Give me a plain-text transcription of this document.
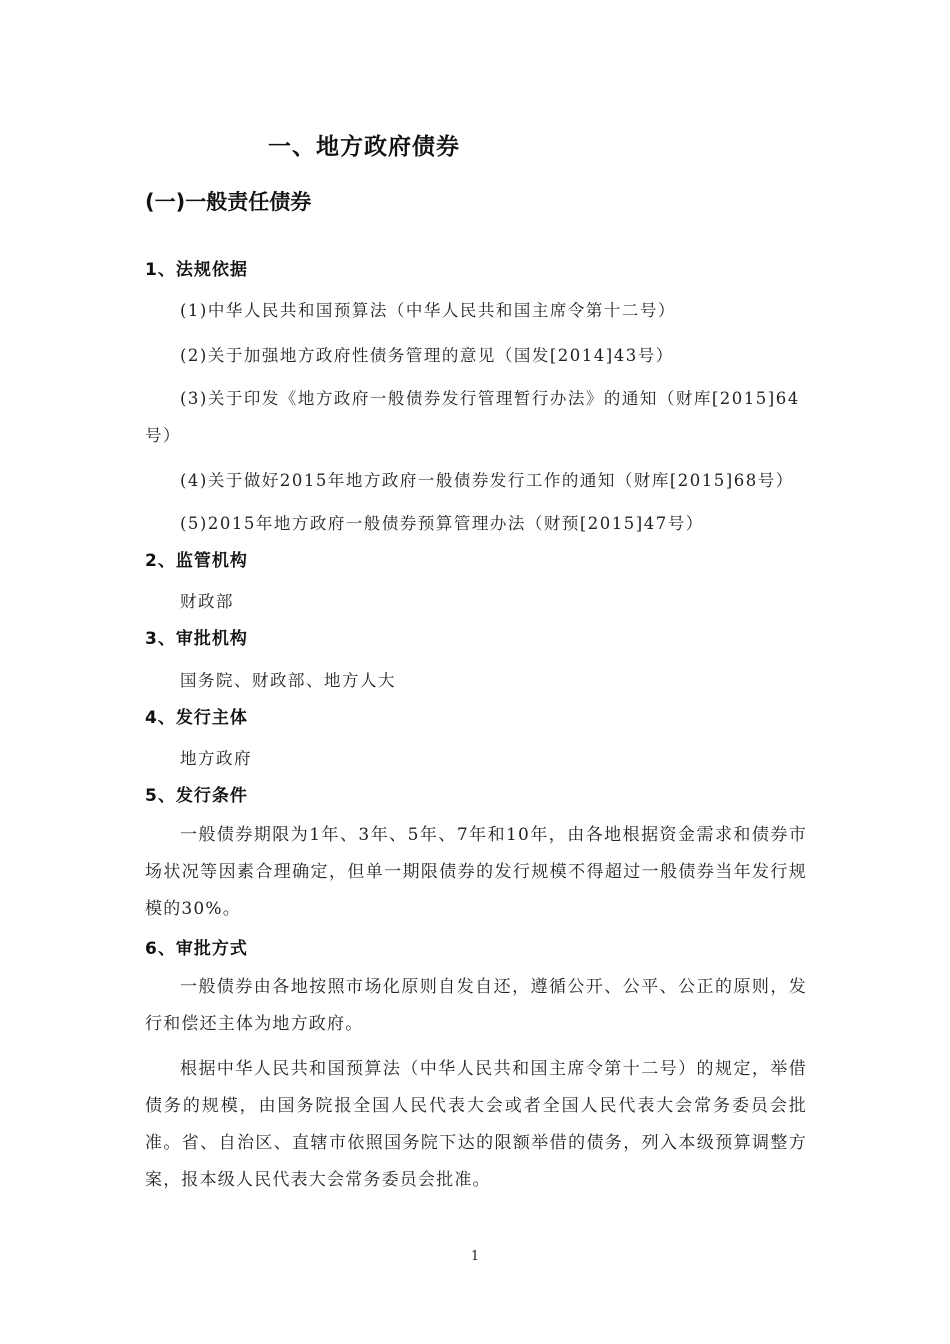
一、地方政府债券
(一)一般责任债券
1、法规依据
(1)中华人民共和国预算法（中华人民共和国主席令第十二号）
(2)关于加强地方政府性债务管理的意见（国发[2014]43号）
(3)关于印发《地方政府一般债券发行管理暂行办法》的通知（财库[2015]64
号）
(4)关于做好2015年地方政府一般债券发行工作的通知（财库[2015]68号）
(5)2015年地方政府一般债券预算管理办法（财预[2015]47号）
2、监管机构
财政部
3、审批机构
国务院、财政部、地方人大
4、发行主体
地方政府
5、发行条件
一般债券期限为1年、3年、5年、7年和10年，由各地根据资金需求和债券市场状况等因素合理确定，但单一期限债券的发行规模不得超过一般债券当年发行规模的30%。
6、审批方式
一般债券由各地按照市场化原则自发自还，遵循公开、公平、公正的原则，发行和偿还主体为地方政府。
根据中华人民共和国预算法（中华人民共和国主席令第十二号）的规定，举借债务的规模，由国务院报全国人民代表大会或者全国人民代表大会常务委员会批准。省、自治区、直辖市依照国务院下达的限额举借的债务，列入本级预算调整方案，报本级人民代表大会常务委员会批准。
1
